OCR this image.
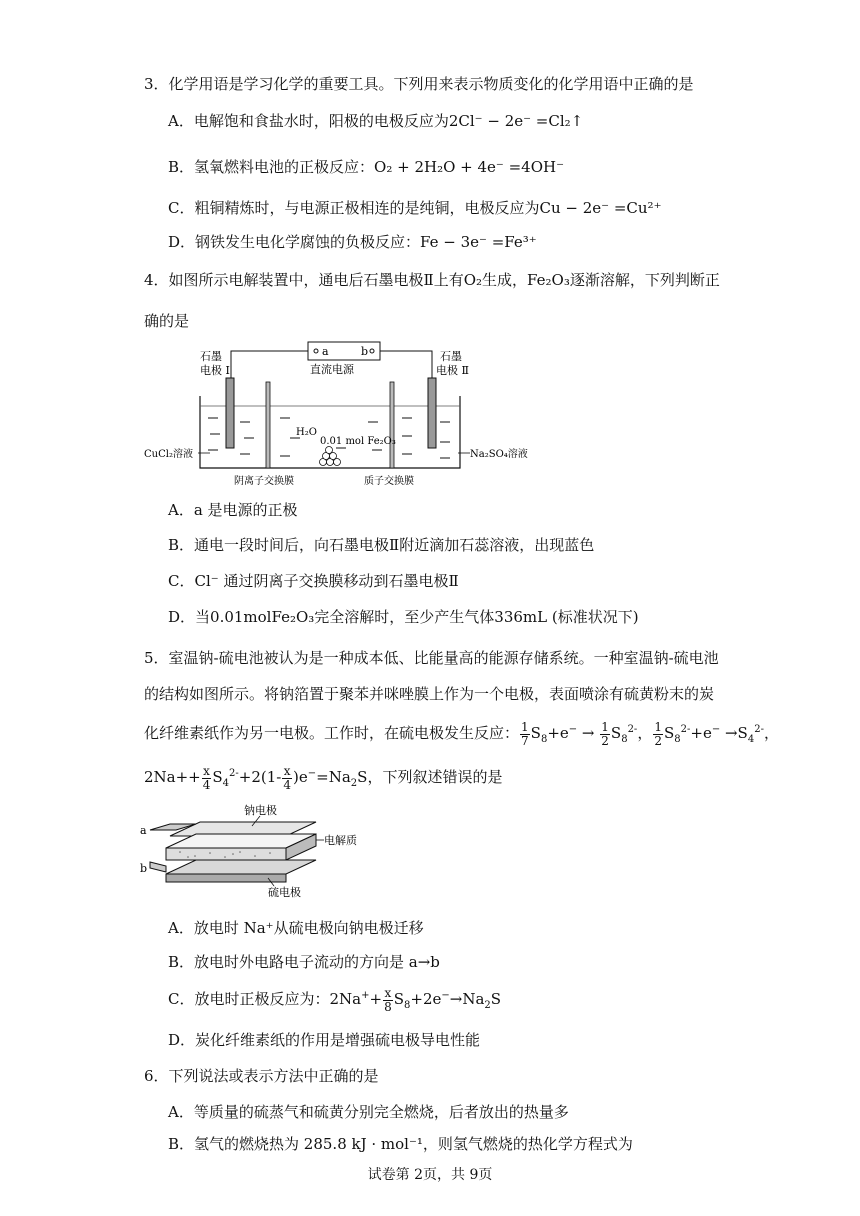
3．化学用语是学习化学的重要工具。下列用来表示物质变化的化学用语中正确的是
A．电解饱和食盐水时，阳极的电极反应为2Cl⁻ − 2e⁻ =Cl₂↑
B．氢氧燃料电池的正极反应：O₂ + 2H₂O + 4e⁻ =4OH⁻
C．粗铜精炼时，与电源正极相连的是纯铜，电极反应为Cu − 2e⁻ =Cu²⁺
D．钢铁发生电化学腐蚀的负极反应：Fe − 3e⁻ =Fe³⁺
4．如图所示电解装置中，通电后石墨电极Ⅱ上有O₂生成，Fe₂O₃逐渐溶解，下列判断正
确的是
a	b
直流电源
石墨
电极 Ⅰ
石墨
电极 Ⅱ
H₂O
0.01 mol Fe₂O₃
CuCl₂溶液	Na₂SO₄溶液
阴离子交换膜	质子交换膜
A．a 是电源的正极
B．通电一段时间后，向石墨电极Ⅱ附近滴加石蕊溶液，出现蓝色
C．Cl⁻ 通过阴离子交换膜移动到石墨电极Ⅱ
D．当0.01molFe₂O₃完全溶解时，至少产生气体336mL (标准状况下)
5．室温钠-硫电池被认为是一种成本低、比能量高的能源存储系统。一种室温钠-硫电池
的结构如图所示。将钠箔置于聚苯并咪唑膜上作为一个电极，表面喷涂有硫黄粉末的炭
化纤维素纸作为另一电极。工作时，在硫电极发生反应： $\frac{1}{7} S_8+e^- \to \frac{1}{2} S_8^{2-}$， $\frac{1}{2} S_8^{2-}+e^- \to S_4^{2-}$，
$2Na++ \frac{x}{4} S_4^{2-}+2(1- \frac{x}{4} )e^-=Na_2S$，下列叙述错误的是
a
b
钠电极
电解质
硫电极
A．放电时 Na⁺从硫电极向钠电极迁移
B．放电时外电路电子流动的方向是 a→b
C．放电时正极反应为：$2Na^++ \frac{x}{8} S_8+2e^-\to Na_2S$
D．炭化纤维素纸的作用是增强硫电极导电性能
6．下列说法或表示方法中正确的是
A．等质量的硫蒸气和硫黄分别完全燃烧，后者放出的热量多
B．氢气的燃烧热为 285.8 kJ · mol⁻¹，则氢气燃烧的热化学方程式为
试卷第 2页，共 9页
